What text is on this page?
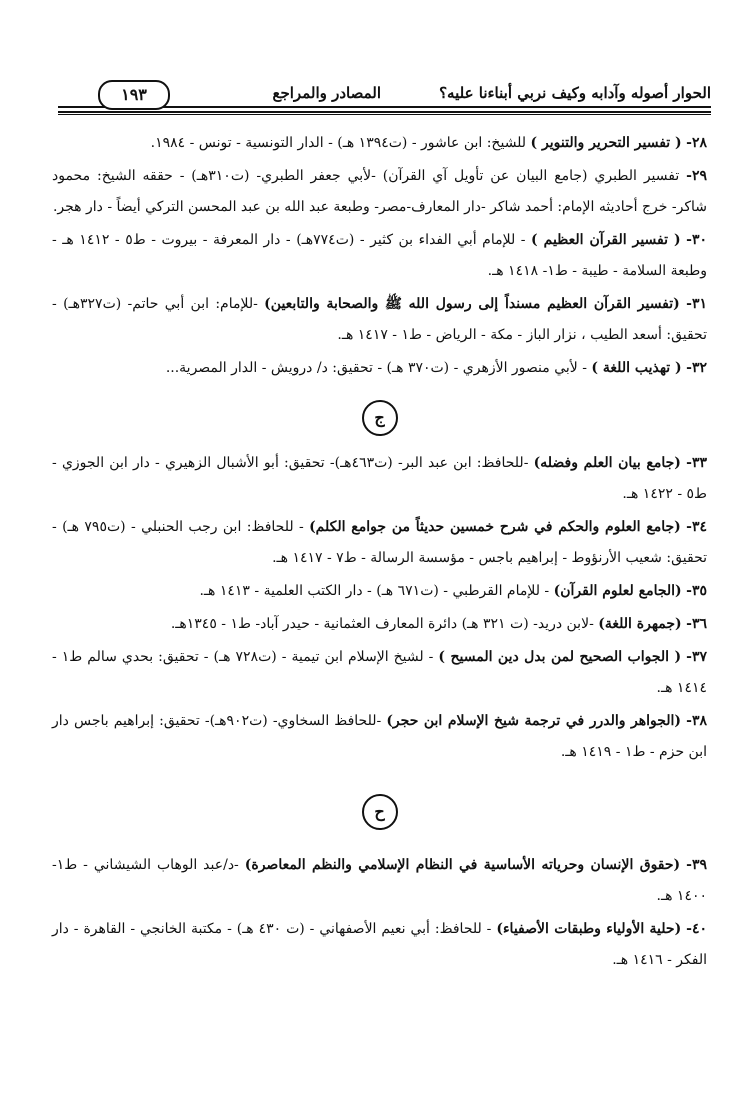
الحوار أصوله وآدابه وكيف نربي أبناءنا عليه؟
المصادر والمراجع
١٩٣

٢٨- ( تفسير التحرير والتنوير ) للشيخ: ابن عاشور - (ت١٣٩٤ هـ) - الدار التونسية - تونس - ١٩٨٤.

٢٩- تفسير الطبري (جامع البيان عن تأويل آي القرآن) -لأبي جعفر الطبري- (ت٣١٠هـ) - حققه الشيخ: محمود شاكر- خرج أحاديثه الإمام: أحمد شاكر -دار المعارف-مصر- وطبعة عبد الله بن عبد المحسن التركي أيضاً - دار هجر.

٣٠- ( تفسير القرآن العظيم ) - للإمام أبي الفداء بن كثير - (ت٧٧٤هـ) - دار المعرفة - بيروت - ط٥ - ١٤١٢ هـ - وطبعة السلامة - طيبة - ط١- ١٤١٨ هـ.

٣١- (تفسير القرآن العظيم مسنداً إلى رسول الله ﷺ والصحابة والتابعين) -للإمام: ابن أبي حاتم- (ت٣٢٧هـ) - تحقيق: أسعد الطيب ، نزار الباز - مكة - الرياض - ط١ - ١٤١٧ هـ.

٣٢- ( تهذيب اللغة ) - لأبي منصور الأزهري - (ت٣٧٠ هـ) - تحقيق: د/ درويش - الدار المصرية...

ج

٣٣- (جامع بيان العلم وفضله) -للحافظ: ابن عبد البر- (ت٤٦٣هـ)- تحقيق: أبو الأشبال الزهيري - دار ابن الجوزي - ط٥ - ١٤٢٢ هـ.

٣٤- (جامع العلوم والحكم في شرح خمسين حديثاً من جوامع الكلم) - للحافظ: ابن رجب الحنبلي - (ت٧٩٥ هـ) - تحقيق: شعيب الأرنؤوط - إبراهيم باجس - مؤسسة الرسالة - ط٧ - ١٤١٧ هـ.

٣٥- (الجامع لعلوم القرآن) - للإمام القرطبي - (ت٦٧١ هـ) - دار الكتب العلمية - ١٤١٣ هـ.

٣٦- (جمهرة اللغة) -لابن دريد- (ت ٣٢١ هـ) دائرة المعارف العثمانية - حيدر آباد- ط١ - ١٣٤٥هـ.

٣٧- ( الجواب الصحيح لمن بدل دين المسيح ) - لشيخ الإسلام ابن تيمية - (ت٧٢٨ هـ) - تحقيق: بحدي سالم ط١ - ١٤١٤ هـ.

٣٨- (الجواهر والدرر في ترجمة شيخ الإسلام ابن حجر) -للحافظ السخاوي- (ت٩٠٢هـ)- تحقيق: إبراهيم باجس دار ابن حزم - ط١ - ١٤١٩ هـ.

ح

٣٩- (حقوق الإنسان وحرياته الأساسية في النظام الإسلامي والنظم المعاصرة) -د/عبد الوهاب الشيشاني - ط١- ١٤٠٠ هـ.

٤٠- (حلية الأولياء وطبقات الأصفياء) - للحافظ: أبي نعيم الأصفهاني - (ت ٤٣٠ هـ) - مكتبة الخانجي - القاهرة - دار الفكر - ١٤١٦ هـ.
